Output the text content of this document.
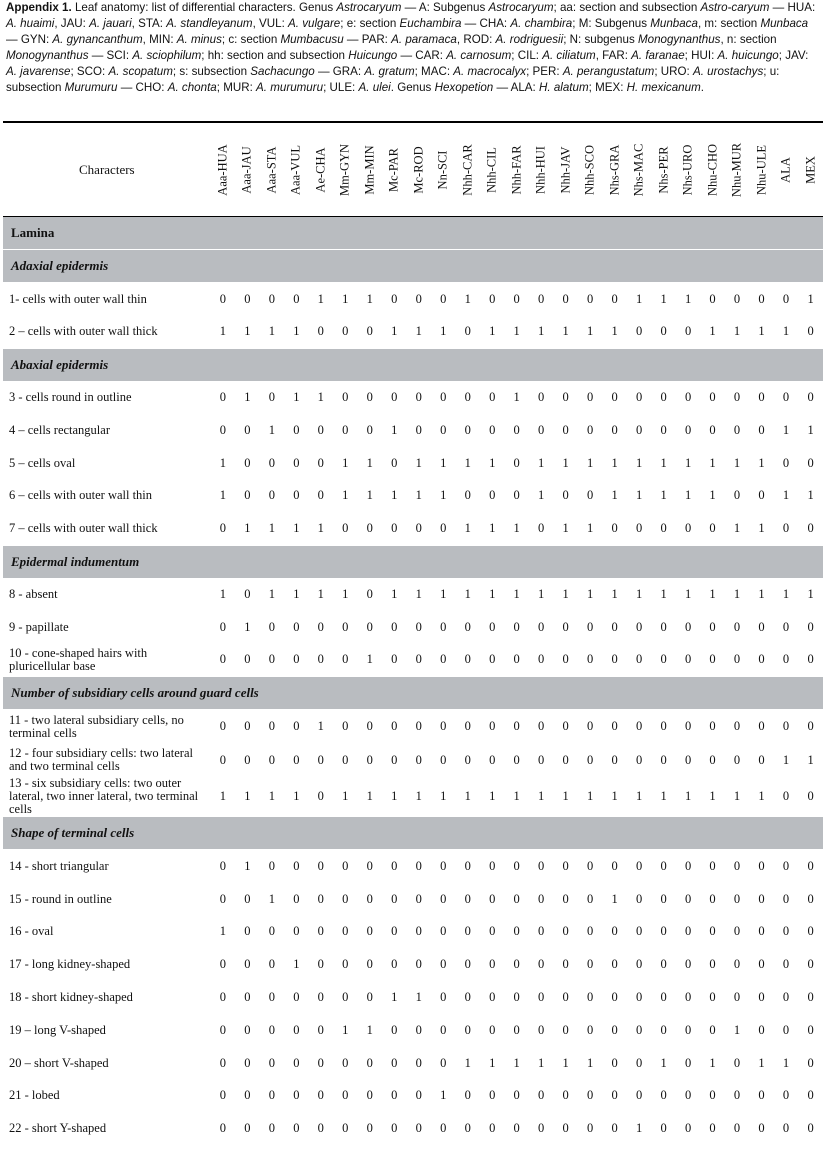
Appendix 1. Leaf anatomy: list of differential characters. Genus Astrocaryum — A: Subgenus Astrocaryum; aa: section and subsection Astro-caryum — HUA: A. huaimi, JAU: A. jauari, STA: A. standleyanum, VUL: A. vulgare; e: section Euchambira — CHA: A. chambira; M: Subgenus Munbaca, m: section Munbaca — GYN: A. gynancanthum, MIN: A. minus; c: section Mumbacusu — PAR: A. paramaca, ROD: A. rodriguesii; N: subgenus Monogynanthus, n: section Monogynanthus — SCI: A. sciophilum; hh: section and subsection Huicungo — CAR: A. carnosum; CIL: A. ciliatum, FAR: A. faranae; HUI: A. huicungo; JAV: A. javarense; SCO: A. scopatum; s: subsection Sachacungo — GRA: A. gratum; MAC: A. macrocalyx; PER: A. perangustatum; URO: A. urostachys; u: subsection Murumuru — CHO: A. chonta; MUR: A. murumuru; ULE: A. ulei. Genus Hexopetion — ALA: H. alatum; MEX: H. mexicanum.
Characters	Aaa-HUA	Aaa-JAU	Aaa-STA	Aaa-VUL	Ae-CHA	Mm-GYN	Mm-MIN	Mc-PAR	Mc-ROD	Nn-SCI	Nhh-CAR	Nhh-CIL	Nhh-FAR	Nhh-HUI	Nhh-JAV	Nhh-SCO	Nhs-GRA	Nhs-MAC	Nhs-PER	Nhs-URO	Nhu-CHO	Nhu-MUR	Nhu-ULE	ALA	MEX

Lamina																									
Adaxial epidermis																									
1- cells with outer wall thin	0	0	0	0	1	1	1	0	0	0	1	0	0	0	0	0	0	1	1	1	0	0	0	0	1
2 – cells with outer wall thick	1	1	1	1	0	0	0	1	1	1	0	1	1	1	1	1	1	0	0	0	1	1	1	1	0
Abaxial epidermis																									
3 - cells round in outline	0	1	0	1	1	0	0	0	0	0	0	0	1	0	0	0	0	0	0	0	0	0	0	0	0
4 – cells rectangular	0	0	1	0	0	0	0	1	0	0	0	0	0	0	0	0	0	0	0	0	0	0	0	1	1
5 – cells oval	1	0	0	0	0	1	1	0	1	1	1	1	0	1	1	1	1	1	1	1	1	1	1	0	0
6 – cells with outer wall thin	1	0	0	0	0	1	1	1	1	1	0	0	0	1	0	0	1	1	1	1	1	0	0	1	1
7 – cells with outer wall thick	0	1	1	1	1	0	0	0	0	0	1	1	1	0	1	1	0	0	0	0	0	1	1	0	0
Epidermal indumentum																									
8 - absent	1	0	1	1	1	1	0	1	1	1	1	1	1	1	1	1	1	1	1	1	1	1	1	1	1
9 - papillate	0	1	0	0	0	0	0	0	0	0	0	0	0	0	0	0	0	0	0	0	0	0	0	0	0
10 - cone-shaped hairs with pluricellular base	0	0	0	0	0	0	1	0	0	0	0	0	0	0	0	0	0	0	0	0	0	0	0	0	0
Number of subsidiary cells around guard cells																									
11 - two lateral subsidiary cells, no terminal cells	0	0	0	0	1	0	0	0	0	0	0	0	0	0	0	0	0	0	0	0	0	0	0	0	0
12 - four subsidiary cells: two lateral and two terminal cells	0	0	0	0	0	0	0	0	0	0	0	0	0	0	0	0	0	0	0	0	0	0	0	1	1
13 - six subsidiary cells: two outer lateral, two inner lateral, two terminal cells	1	1	1	1	0	1	1	1	1	1	1	1	1	1	1	1	1	1	1	1	1	1	1	0	0
Shape of terminal cells																									
14 - short triangular	0	1	0	0	0	0	0	0	0	0	0	0	0	0	0	0	0	0	0	0	0	0	0	0	0
15 - round in outline	0	0	1	0	0	0	0	0	0	0	0	0	0	0	0	0	1	0	0	0	0	0	0	0	0
16 - oval	1	0	0	0	0	0	0	0	0	0	0	0	0	0	0	0	0	0	0	0	0	0	0	0	0
17 - long kidney-shaped	0	0	0	1	0	0	0	0	0	0	0	0	0	0	0	0	0	0	0	0	0	0	0	0	0
18 - short kidney-shaped	0	0	0	0	0	0	0	1	1	0	0	0	0	0	0	0	0	0	0	0	0	0	0	0	0
19 – long V-shaped	0	0	0	0	0	1	1	0	0	0	0	0	0	0	0	0	0	0	0	0	0	1	0	0	0
20 – short V-shaped	0	0	0	0	0	0	0	0	0	0	1	1	1	1	1	1	0	0	1	0	1	0	1	1	0
21 - lobed	0	0	0	0	0	0	0	0	0	1	0	0	0	0	0	0	0	0	0	0	0	0	0	0	0
22 - short Y-shaped	0	0	0	0	0	0	0	0	0	0	0	0	0	0	0	0	0	1	0	0	0	0	0	0	0
